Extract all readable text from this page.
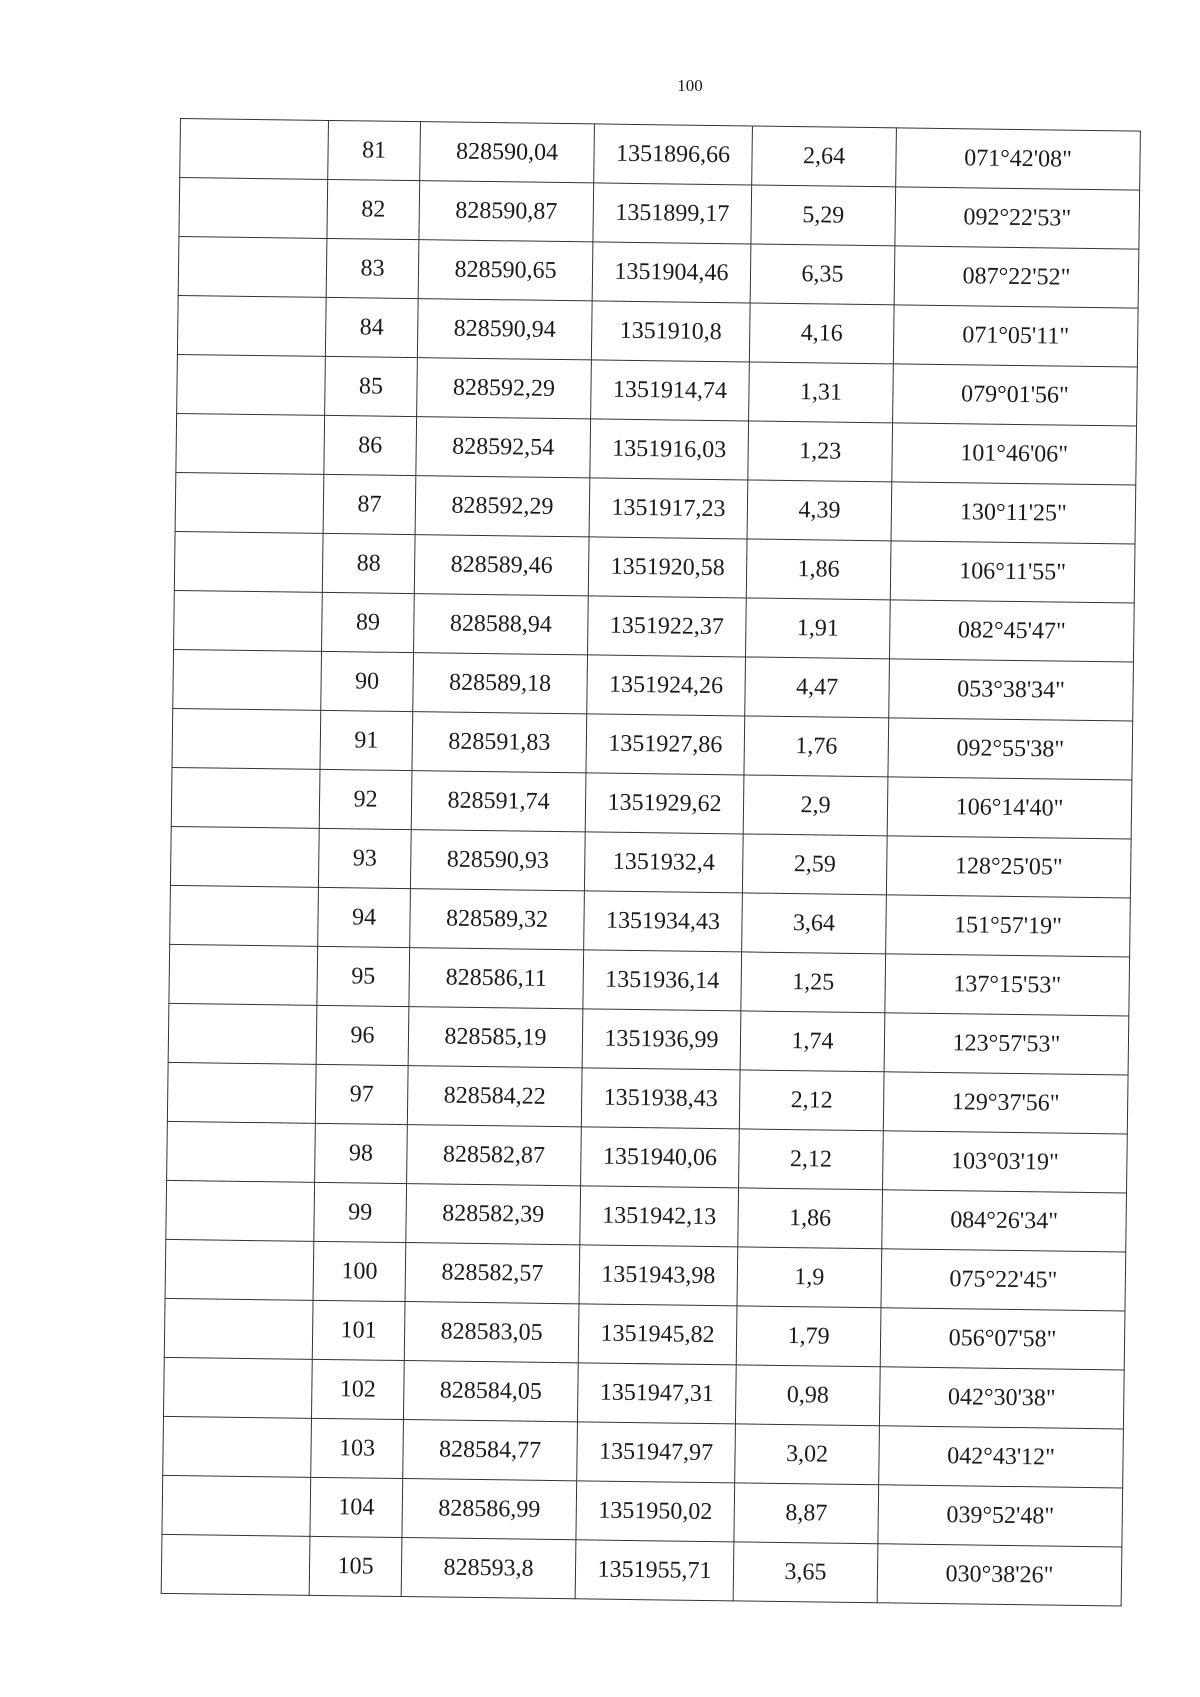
100
	81	828590,04	1351896,66	2,64	071°42'08"
	82	828590,87	1351899,17	5,29	092°22'53"
	83	828590,65	1351904,46	6,35	087°22'52"
	84	828590,94	1351910,8	4,16	071°05'11"
	85	828592,29	1351914,74	1,31	079°01'56"
	86	828592,54	1351916,03	1,23	101°46'06"
	87	828592,29	1351917,23	4,39	130°11'25"
	88	828589,46	1351920,58	1,86	106°11'55"
	89	828588,94	1351922,37	1,91	082°45'47"
	90	828589,18	1351924,26	4,47	053°38'34"
	91	828591,83	1351927,86	1,76	092°55'38"
	92	828591,74	1351929,62	2,9	106°14'40"
	93	828590,93	1351932,4	2,59	128°25'05"
	94	828589,32	1351934,43	3,64	151°57'19"
	95	828586,11	1351936,14	1,25	137°15'53"
	96	828585,19	1351936,99	1,74	123°57'53"
	97	828584,22	1351938,43	2,12	129°37'56"
	98	828582,87	1351940,06	2,12	103°03'19"
	99	828582,39	1351942,13	1,86	084°26'34"
	100	828582,57	1351943,98	1,9	075°22'45"
	101	828583,05	1351945,82	1,79	056°07'58"
	102	828584,05	1351947,31	0,98	042°30'38"
	103	828584,77	1351947,97	3,02	042°43'12"
	104	828586,99	1351950,02	8,87	039°52'48"
	105	828593,8	1351955,71	3,65	030°38'26"
